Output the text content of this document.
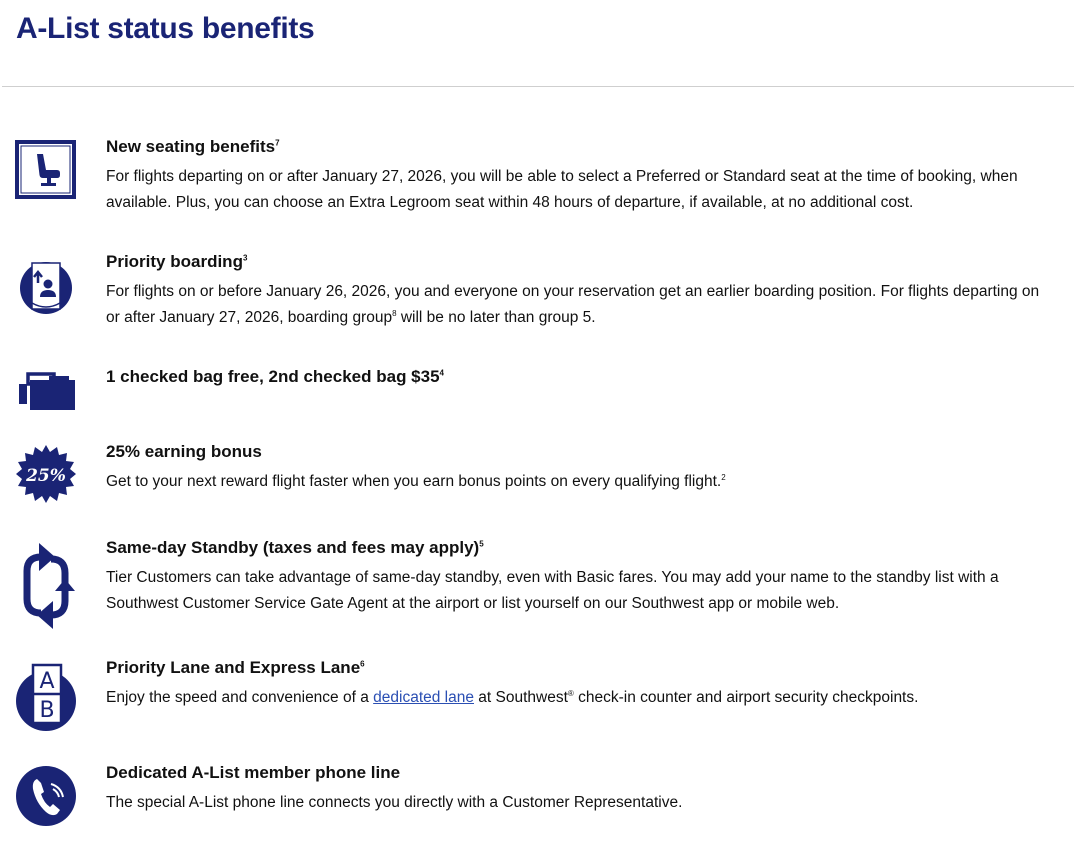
A-List status benefits
New seating benefits$^7$

For flights departing on or after January 27, 2026, you will be able to select a Preferred or Standard seat at the time of booking, when available. Plus, you can choose an Extra Legroom seat within 48 hours of departure, if available, at no additional cost.

Priority boarding$^3$

For flights on or before January 26, 2026, you and everyone on your reservation get an earlier boarding position. For flights departing on or after January 27, 2026, boarding group$^8$ will be no later than group 5.

1 checked bag free, 2nd checked bag $\$35^4$
25%
25% earning bonus

Get to your next reward flight faster when you earn bonus points on every qualifying flight.$^2$

Same-day Standby (taxes and fees may apply)$^5$

Tier Customers can take advantage of same-day standby, even with Basic fares. You may add your name to the standby list with a Southwest Customer Service Gate Agent at the airport or list yourself on our Southwest app or mobile web.

A
B
Priority Lane and Express Lane$^6$

Enjoy the speed and convenience of a dedicated lane at Southwest® check-in counter and airport security checkpoints.

Dedicated A-List member phone line

The special A-List phone line connects you directly with a Customer Representative.
